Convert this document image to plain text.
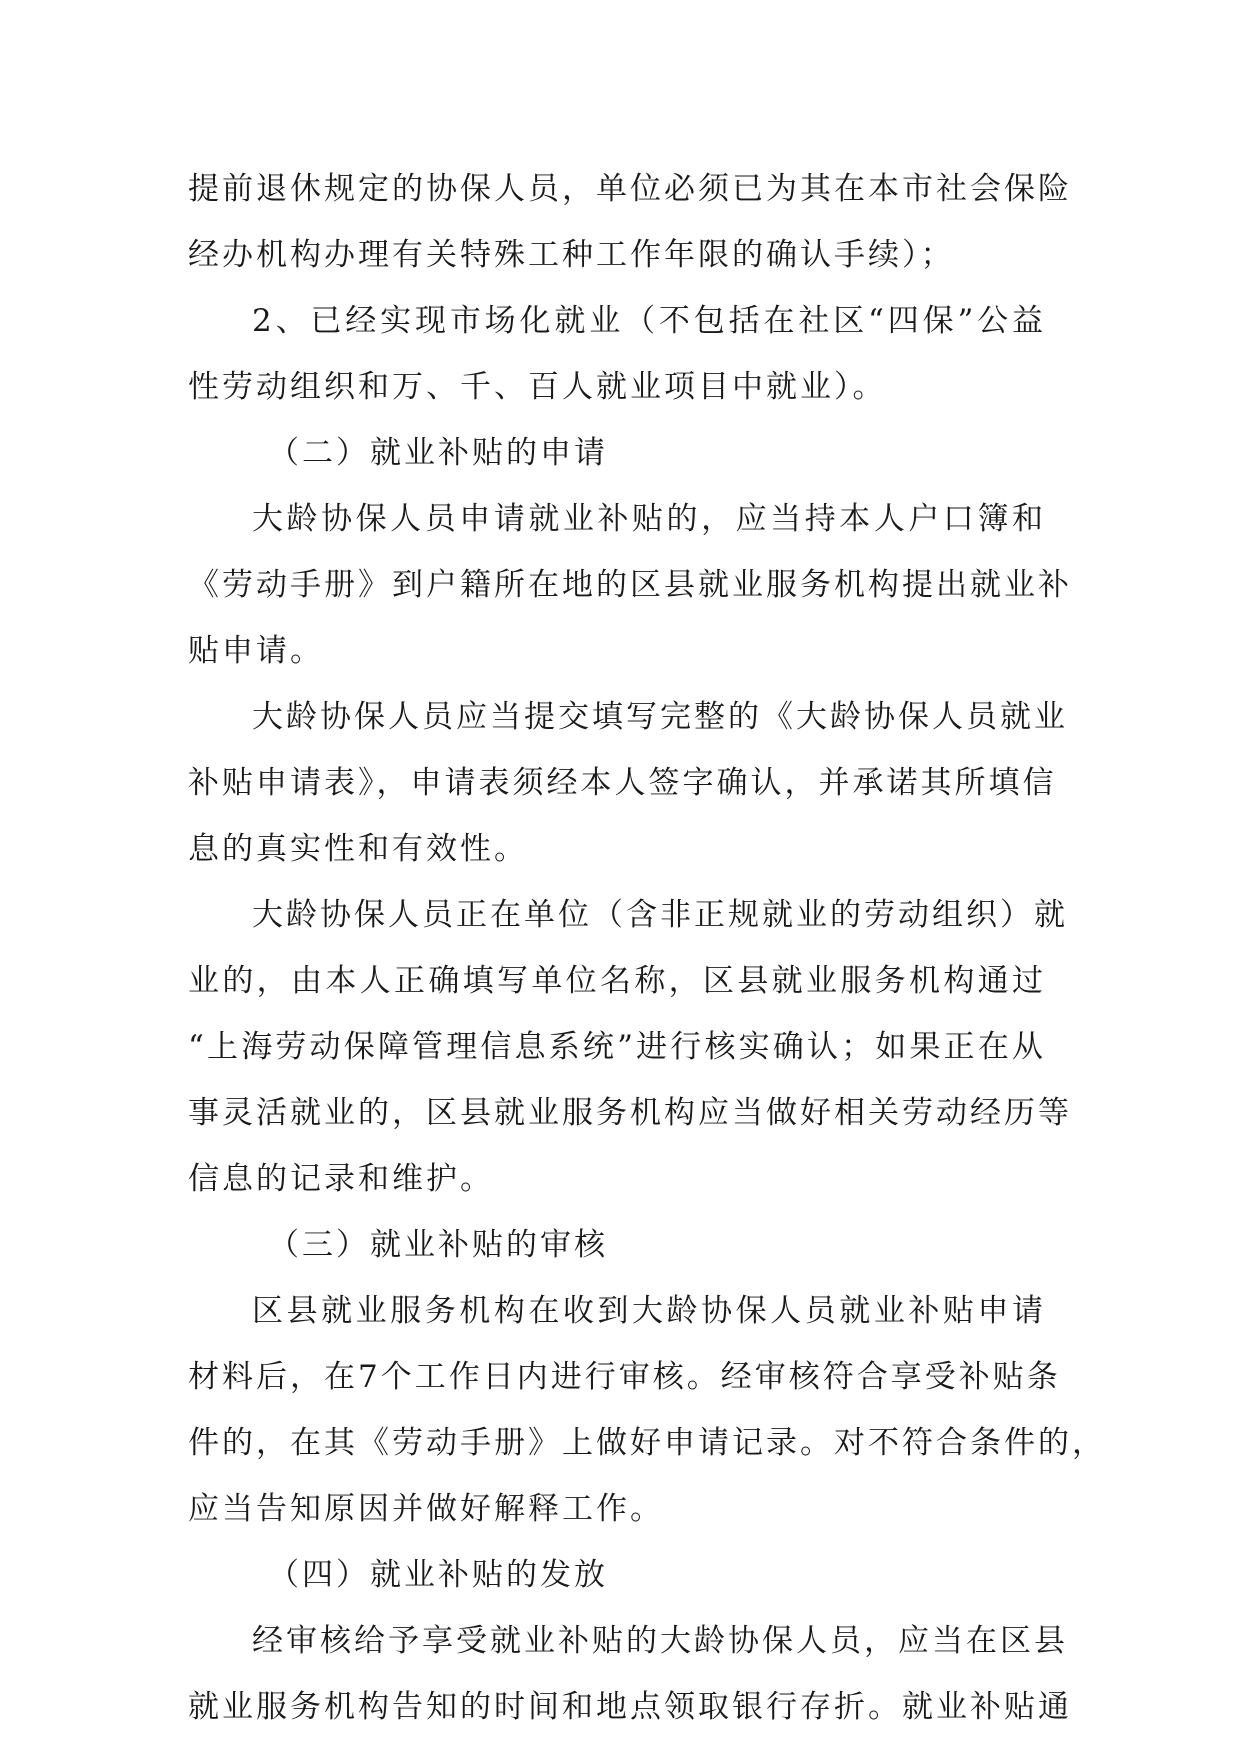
提前退休规定的协保人员，单位必须已为其在本市社会保险
经办机构办理有关特殊工种工作年限的确认手续）；
2、已经实现市场化就业（不包括在社区“四保”公益
性劳动组织和万、千、百人就业项目中就业）。
（二）就业补贴的申请
大龄协保人员申请就业补贴的，应当持本人户口簿和
《劳动手册》到户籍所在地的区县就业服务机构提出就业补
贴申请。
大龄协保人员应当提交填写完整的《大龄协保人员就业
补贴申请表》，申请表须经本人签字确认，并承诺其所填信
息的真实性和有效性。
大龄协保人员正在单位（含非正规就业的劳动组织）就
业的，由本人正确填写单位名称，区县就业服务机构通过
“上海劳动保障管理信息系统”进行核实确认；如果正在从
事灵活就业的，区县就业服务机构应当做好相关劳动经历等
信息的记录和维护。
（三）就业补贴的审核
区县就业服务机构在收到大龄协保人员就业补贴申请
材料后，在7个工作日内进行审核。经审核符合享受补贴条
件的，在其《劳动手册》上做好申请记录。对不符合条件的，
应当告知原因并做好解释工作。
（四）就业补贴的发放
经审核给予享受就业补贴的大龄协保人员，应当在区县
就业服务机构告知的时间和地点领取银行存折。就业补贴通
